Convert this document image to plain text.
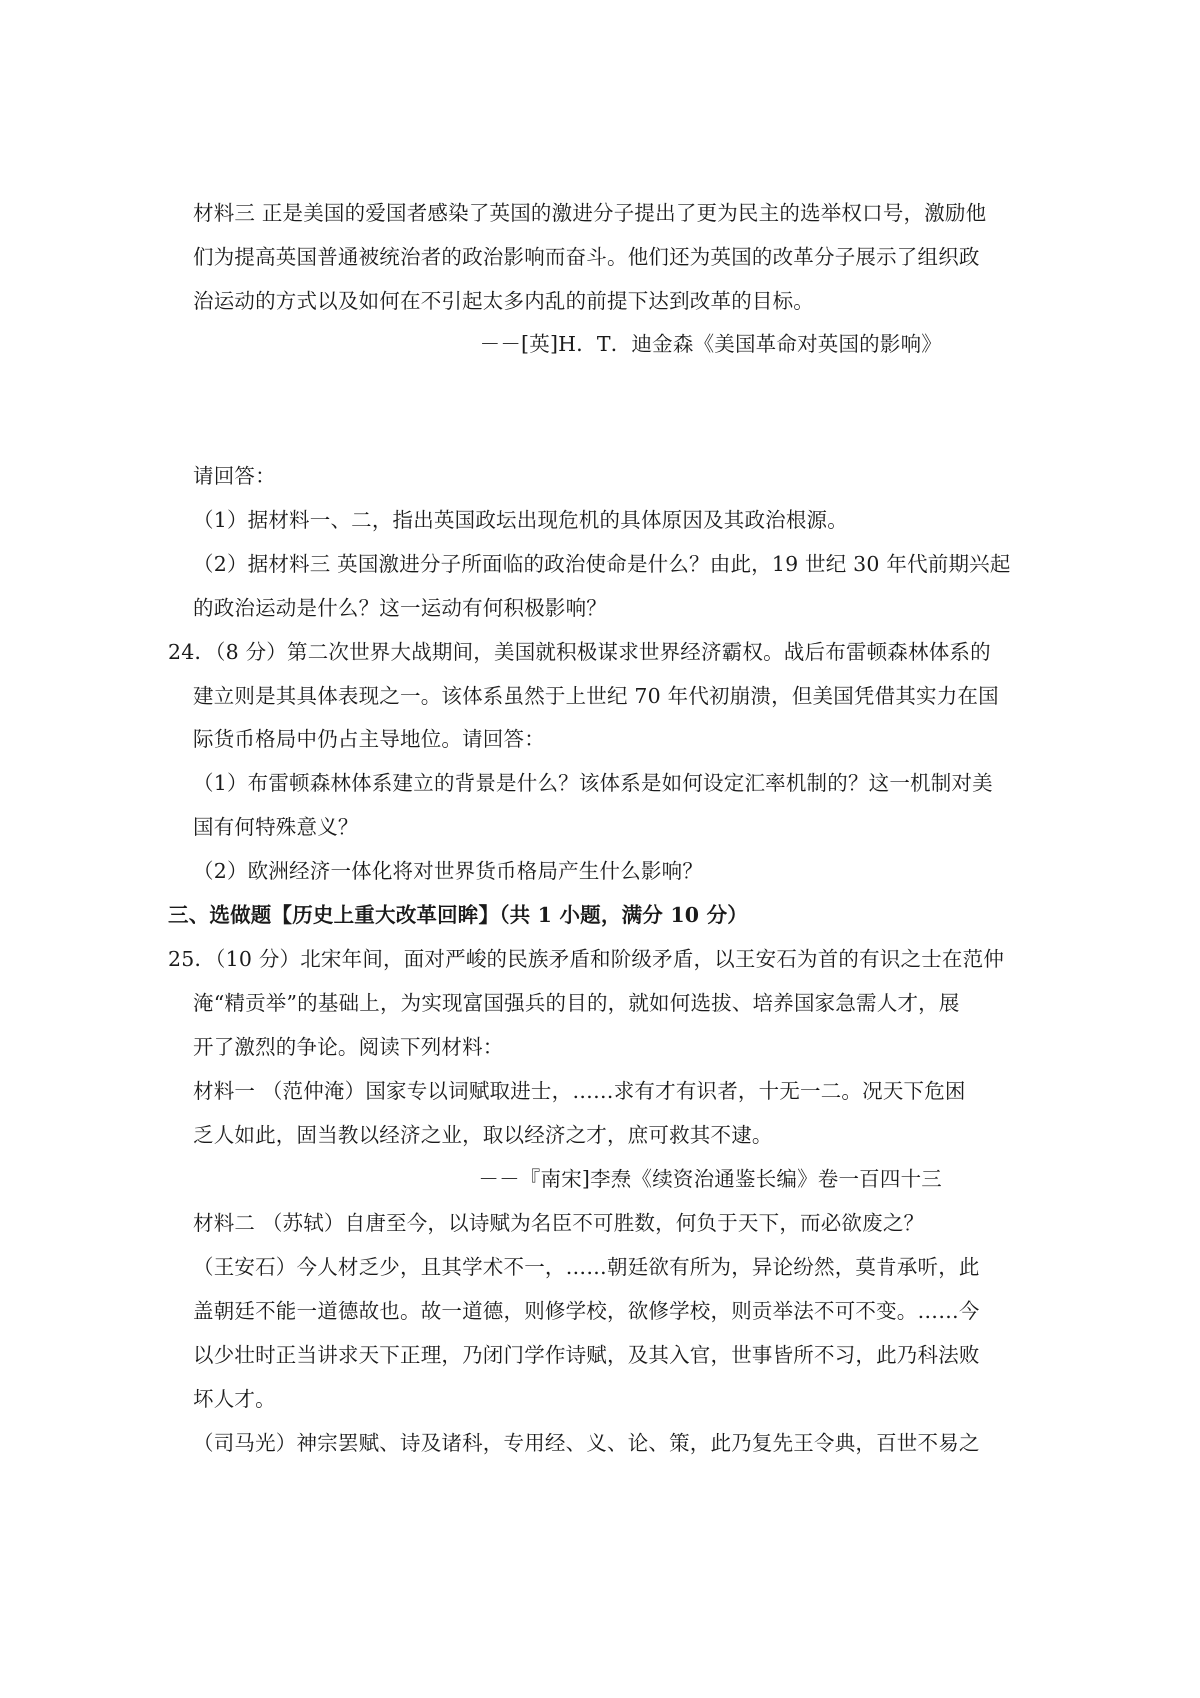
材料三 正是美国的爱国者感染了英国的激进分子提出了更为民主的选举权口号，激励他
们为提高英国普通被统治者的政治影响而奋斗。他们还为英国的改革分子展示了组织政
治运动的方式以及如何在不引起太多内乱的前提下达到改革的目标。
－－[英]H．T．迪金森《美国革命对英国的影响》
请回答：
（1）据材料一、二，指出英国政坛出现危机的具体原因及其政治根源。
（2）据材料三 英国激进分子所面临的政治使命是什么？由此，19 世纪 30 年代前期兴起
的政治运动是什么？这一运动有何积极影响？
24．（8 分）第二次世界大战期间，美国就积极谋求世界经济霸权。战后布雷顿森林体系的
建立则是其具体表现之一。该体系虽然于上世纪 70 年代初崩溃，但美国凭借其实力在国
际货币格局中仍占主导地位。请回答：
（1）布雷顿森林体系建立的背景是什么？该体系是如何设定汇率机制的？这一机制对美
国有何特殊意义？
（2）欧洲经济一体化将对世界货币格局产生什么影响？
三、选做题【历史上重大改革回眸】（共 1 小题，满分 10 分）
25．（10 分）北宋年间，面对严峻的民族矛盾和阶级矛盾，以王安石为首的有识之士在范仲
淹“精贡举”的基础上，为实现富国强兵的目的，就如何选拔、培养国家急需人才，展
开了激烈的争论。阅读下列材料：
材料一 （范仲淹）国家专以词赋取进士，……求有才有识者，十无一二。况天下危困
乏人如此，固当教以经济之业，取以经济之才，庶可救其不逮。
－－『南宋]李焘《续资治通鉴长编》卷一百四十三
材料二 （苏轼）自唐至今，以诗赋为名臣不可胜数，何负于天下，而必欲废之？
（王安石）今人材乏少，且其学术不一，……朝廷欲有所为，异论纷然，莫肯承听，此
盖朝廷不能一道德故也。故一道德，则修学校，欲修学校，则贡举法不可不变。……今
以少壮时正当讲求天下正理，乃闭门学作诗赋，及其入官，世事皆所不习，此乃科法败
坏人才。
（司马光）神宗罢赋、诗及诸科，专用经、义、论、策，此乃复先王令典，百世不易之
